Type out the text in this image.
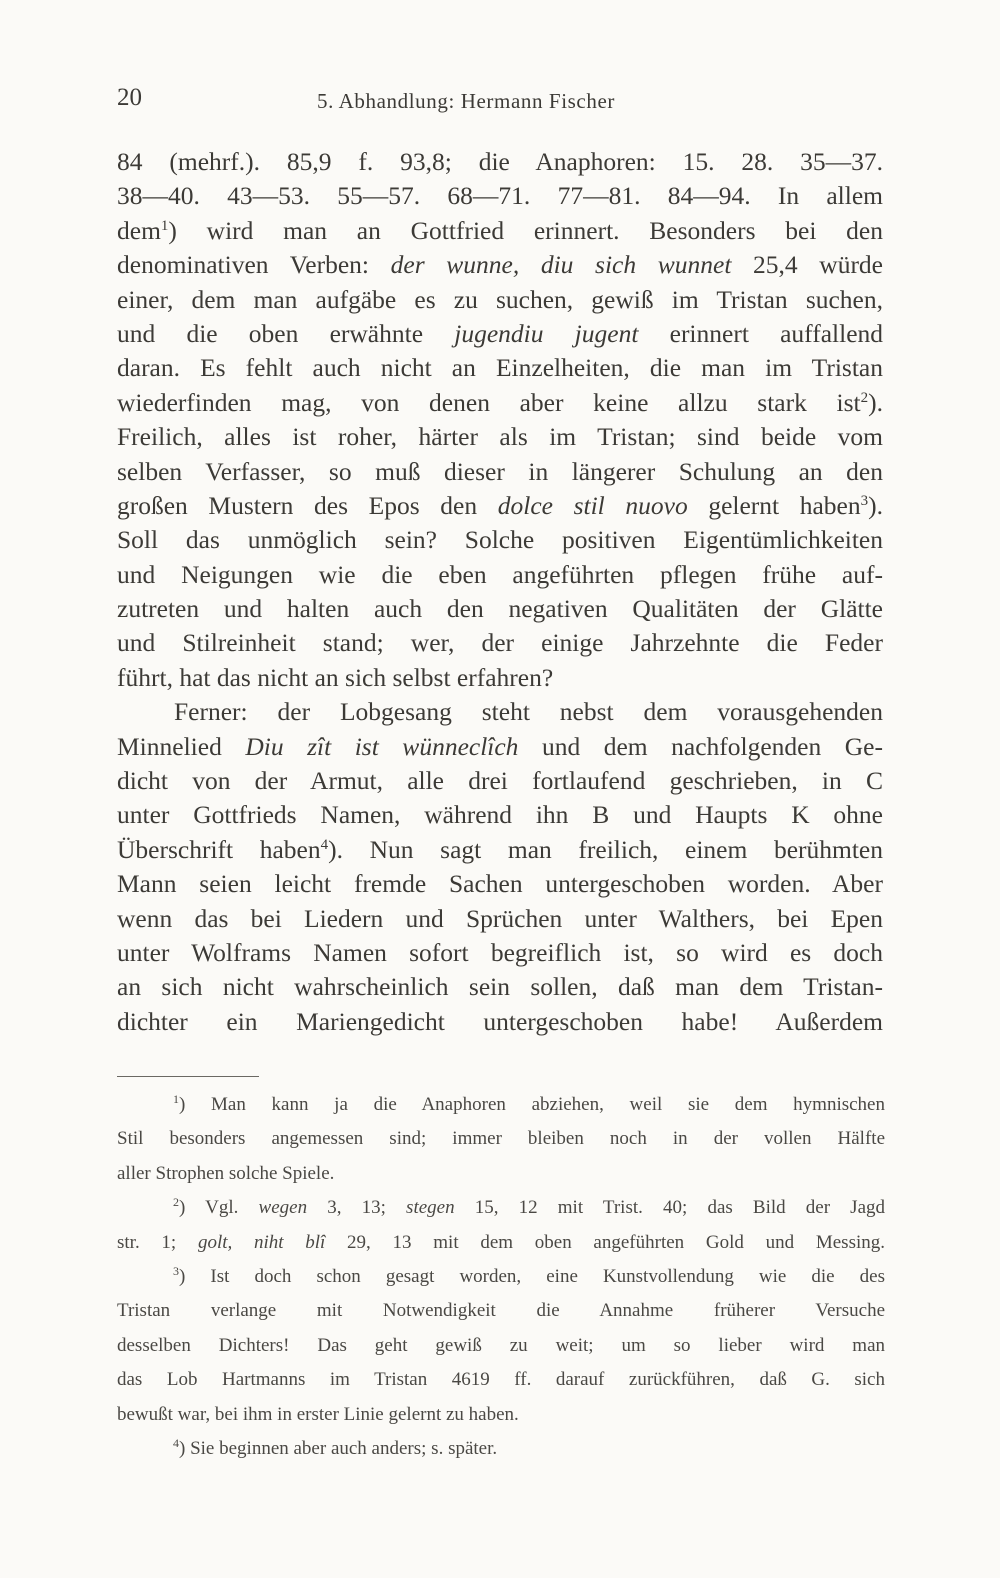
20	5. Abhandlung: Hermann Fischer
84 (mehrf.). 85,9 f. 93,8; die Anaphoren: 15. 28. 35—37.
38—40. 43—53. 55—57. 68—71. 77—81. 84—94. In allem
dem$^1$) wird man an Gottfried erinnert. Besonders bei den
denominativen Verben: der wunne, diu sich wunnet 25,4 würde
einer, dem man aufgäbe es zu suchen, gewiß im Tristan suchen,
und die oben erwähnte jugendiu jugent erinnert auffallend
daran. Es fehlt auch nicht an Einzelheiten, die man im Tristan
wiederfinden mag, von denen aber keine allzu stark ist$^2$).
Freilich, alles ist roher, härter als im Tristan; sind beide vom
selben Verfasser, so muß dieser in längerer Schulung an den
großen Mustern des Epos den dolce stil nuovo gelernt haben$^3$).
Soll das unmöglich sein? Solche positiven Eigentümlichkeiten
und Neigungen wie die eben angeführten pflegen frühe auf-
zutreten und halten auch den negativen Qualitäten der Glätte
und Stilreinheit stand; wer, der einige Jahrzehnte die Feder
führt, hat das nicht an sich selbst erfahren?
Ferner: der Lobgesang steht nebst dem vorausgehenden
Minnelied Diu zît ist wünneclîch und dem nachfolgenden Ge-
dicht von der Armut, alle drei fortlaufend geschrieben, in C
unter Gottfrieds Namen, während ihn B und Haupts K ohne
Überschrift haben$^4$). Nun sagt man freilich, einem berühmten
Mann seien leicht fremde Sachen untergeschoben worden. Aber
wenn das bei Liedern und Sprüchen unter Walthers, bei Epen
unter Wolframs Namen sofort begreiflich ist, so wird es doch
an sich nicht wahrscheinlich sein sollen, daß man dem Tristan-
dichter ein Mariengedicht untergeschoben habe! Außerdem
$^1$) Man kann ja die Anaphoren abziehen, weil sie dem hymnischen
Stil besonders angemessen sind; immer bleiben noch in der vollen Hälfte
aller Strophen solche Spiele.
$^2$) Vgl. wegen 3, 13; stegen 15, 12 mit Trist. 40; das Bild der Jagd
str. 1; golt, niht blî 29, 13 mit dem oben angeführten Gold und Messing.
$^3$) Ist doch schon gesagt worden, eine Kunstvollendung wie die des
Tristan verlange mit Notwendigkeit die Annahme früherer Versuche
desselben Dichters! Das geht gewiß zu weit; um so lieber wird man
das Lob Hartmanns im Tristan 4619 ff. darauf zurückführen, daß G. sich
bewußt war, bei ihm in erster Linie gelernt zu haben.
$^4$) Sie beginnen aber auch anders; s. später.
